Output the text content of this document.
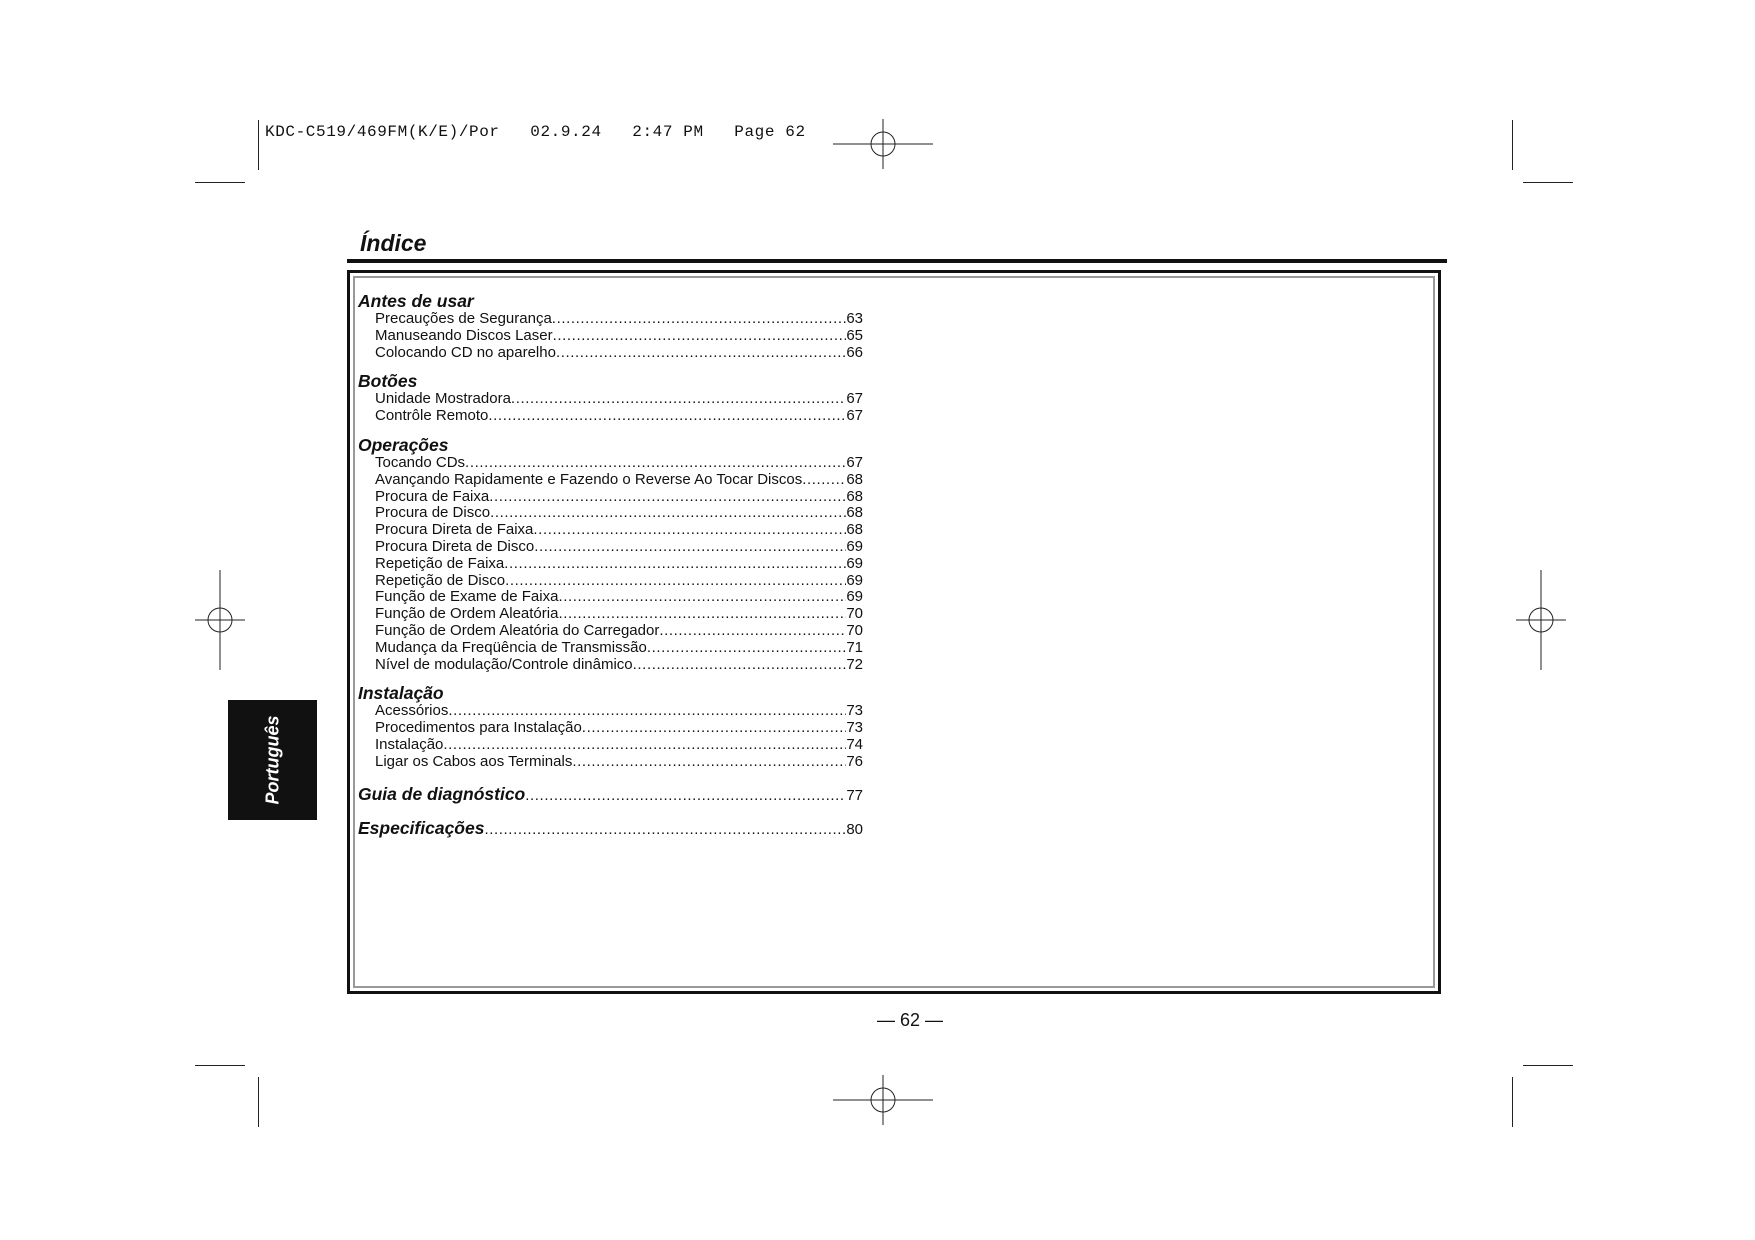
KDC-C519/469FM(K/E)/Por   02.9.24   2:47 PM   Page 62
Índice
Antes de usar
Precauções de Segurança .....	63
Manuseando Discos Laser .....	65
Colocando CD no aparelho .....	66
Botões
Unidade Mostradora .....	67
Contrôle Remoto .....	67
Operações
Tocando CDs .....	67
Avançando Rapidamente e Fazendo o Reverse Ao Tocar Discos .....	68
Procura de Faixa .....	68
Procura de Disco .....	68
Procura Direta de Faixa .....	68
Procura Direta de Disco .....	69
Repetição de Faixa .....	69
Repetição de Disco .....	69
Função de Exame de Faixa .....	69
Função de Ordem Aleatória .....	70
Função de Ordem Aleatória do Carregador .....	70
Mudança da Freqüência de Transmissão .....	71
Nível de modulação/Controle dinâmico .....	72
Instalação
Acessórios .....	73
Procedimentos para Instalação .....	73
Instalação .....	74
Ligar os Cabos aos Terminals .....	76
Guia de diagnóstico .....	77
Especificações .....	80
Português
— 62 —
